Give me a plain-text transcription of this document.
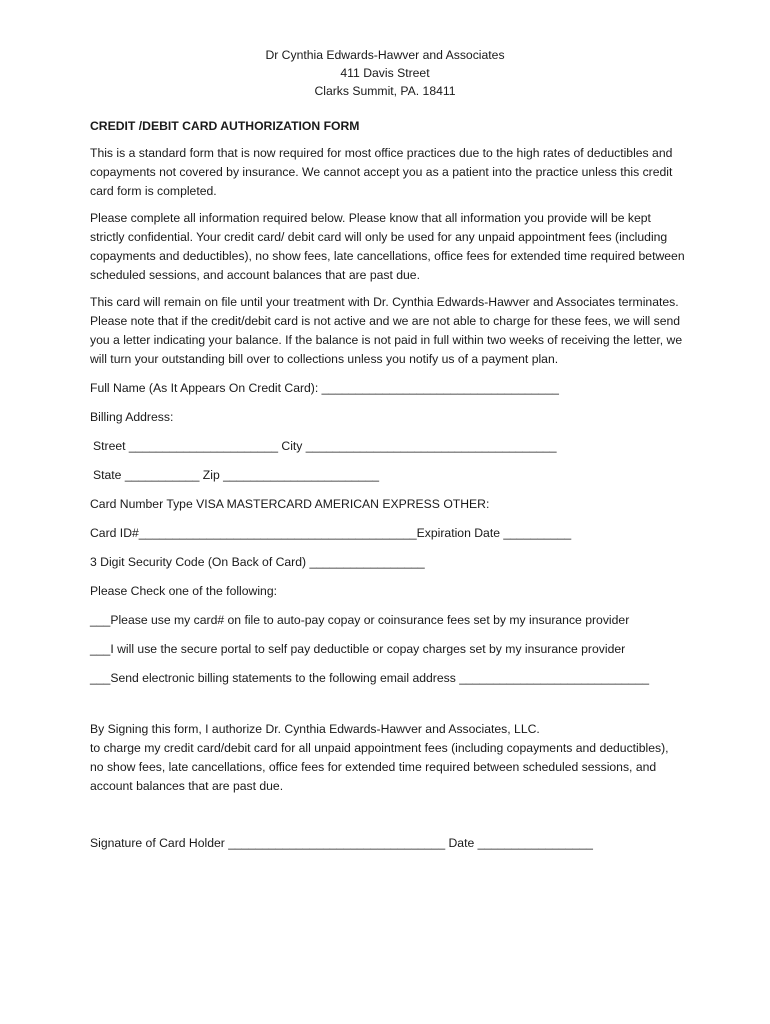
Dr Cynthia Edwards-Hawver and Associates
411 Davis Street
Clarks Summit, PA. 18411

CREDIT /DEBIT CARD AUTHORIZATION FORM

This is a standard form that is now required for most office practices due to the high rates of deductibles and copayments not covered by insurance. We cannot accept you as a patient into the practice unless this credit card form is completed.

Please complete all information required below. Please know that all information you provide will be kept strictly confidential. Your credit card/ debit card will only be used for any unpaid appointment fees (including copayments and deductibles), no show fees, late cancellations, office fees for extended time required between scheduled sessions, and account balances that are past due.

This card will remain on file until your treatment with Dr. Cynthia Edwards-Hawver and Associates terminates. Please note that if the credit/debit card is not active and we are not able to charge for these fees, we will send you a letter indicating your balance. If the balance is not paid in full within two weeks of receiving the letter, we will turn your outstanding bill over to collections unless you notify us of a payment plan.

Full Name (As It Appears On Credit Card): ___________________________________

Billing Address:

Street ______________________ City _____________________________________

State ___________ Zip _______________________

Card Number Type VISA MASTERCARD AMERICAN EXPRESS OTHER:

Card ID#_________________________________________Expiration Date __________

3 Digit Security Code (On Back of Card) _________________

Please Check one of the following:

___Please use my card# on file to auto-pay copay or coinsurance fees set by my insurance provider

___I will use the secure portal to self pay deductible or copay charges set by my insurance provider

___Send electronic billing statements to the following email address ____________________________

By Signing this form, I authorize Dr. Cynthia Edwards-Hawver and Associates, LLC.

to charge my credit card/debit card for all unpaid appointment fees (including copayments and deductibles), no show fees, late cancellations, office fees for extended time required between scheduled sessions, and account balances that are past due.

Signature of Card Holder ________________________________ Date _________________
